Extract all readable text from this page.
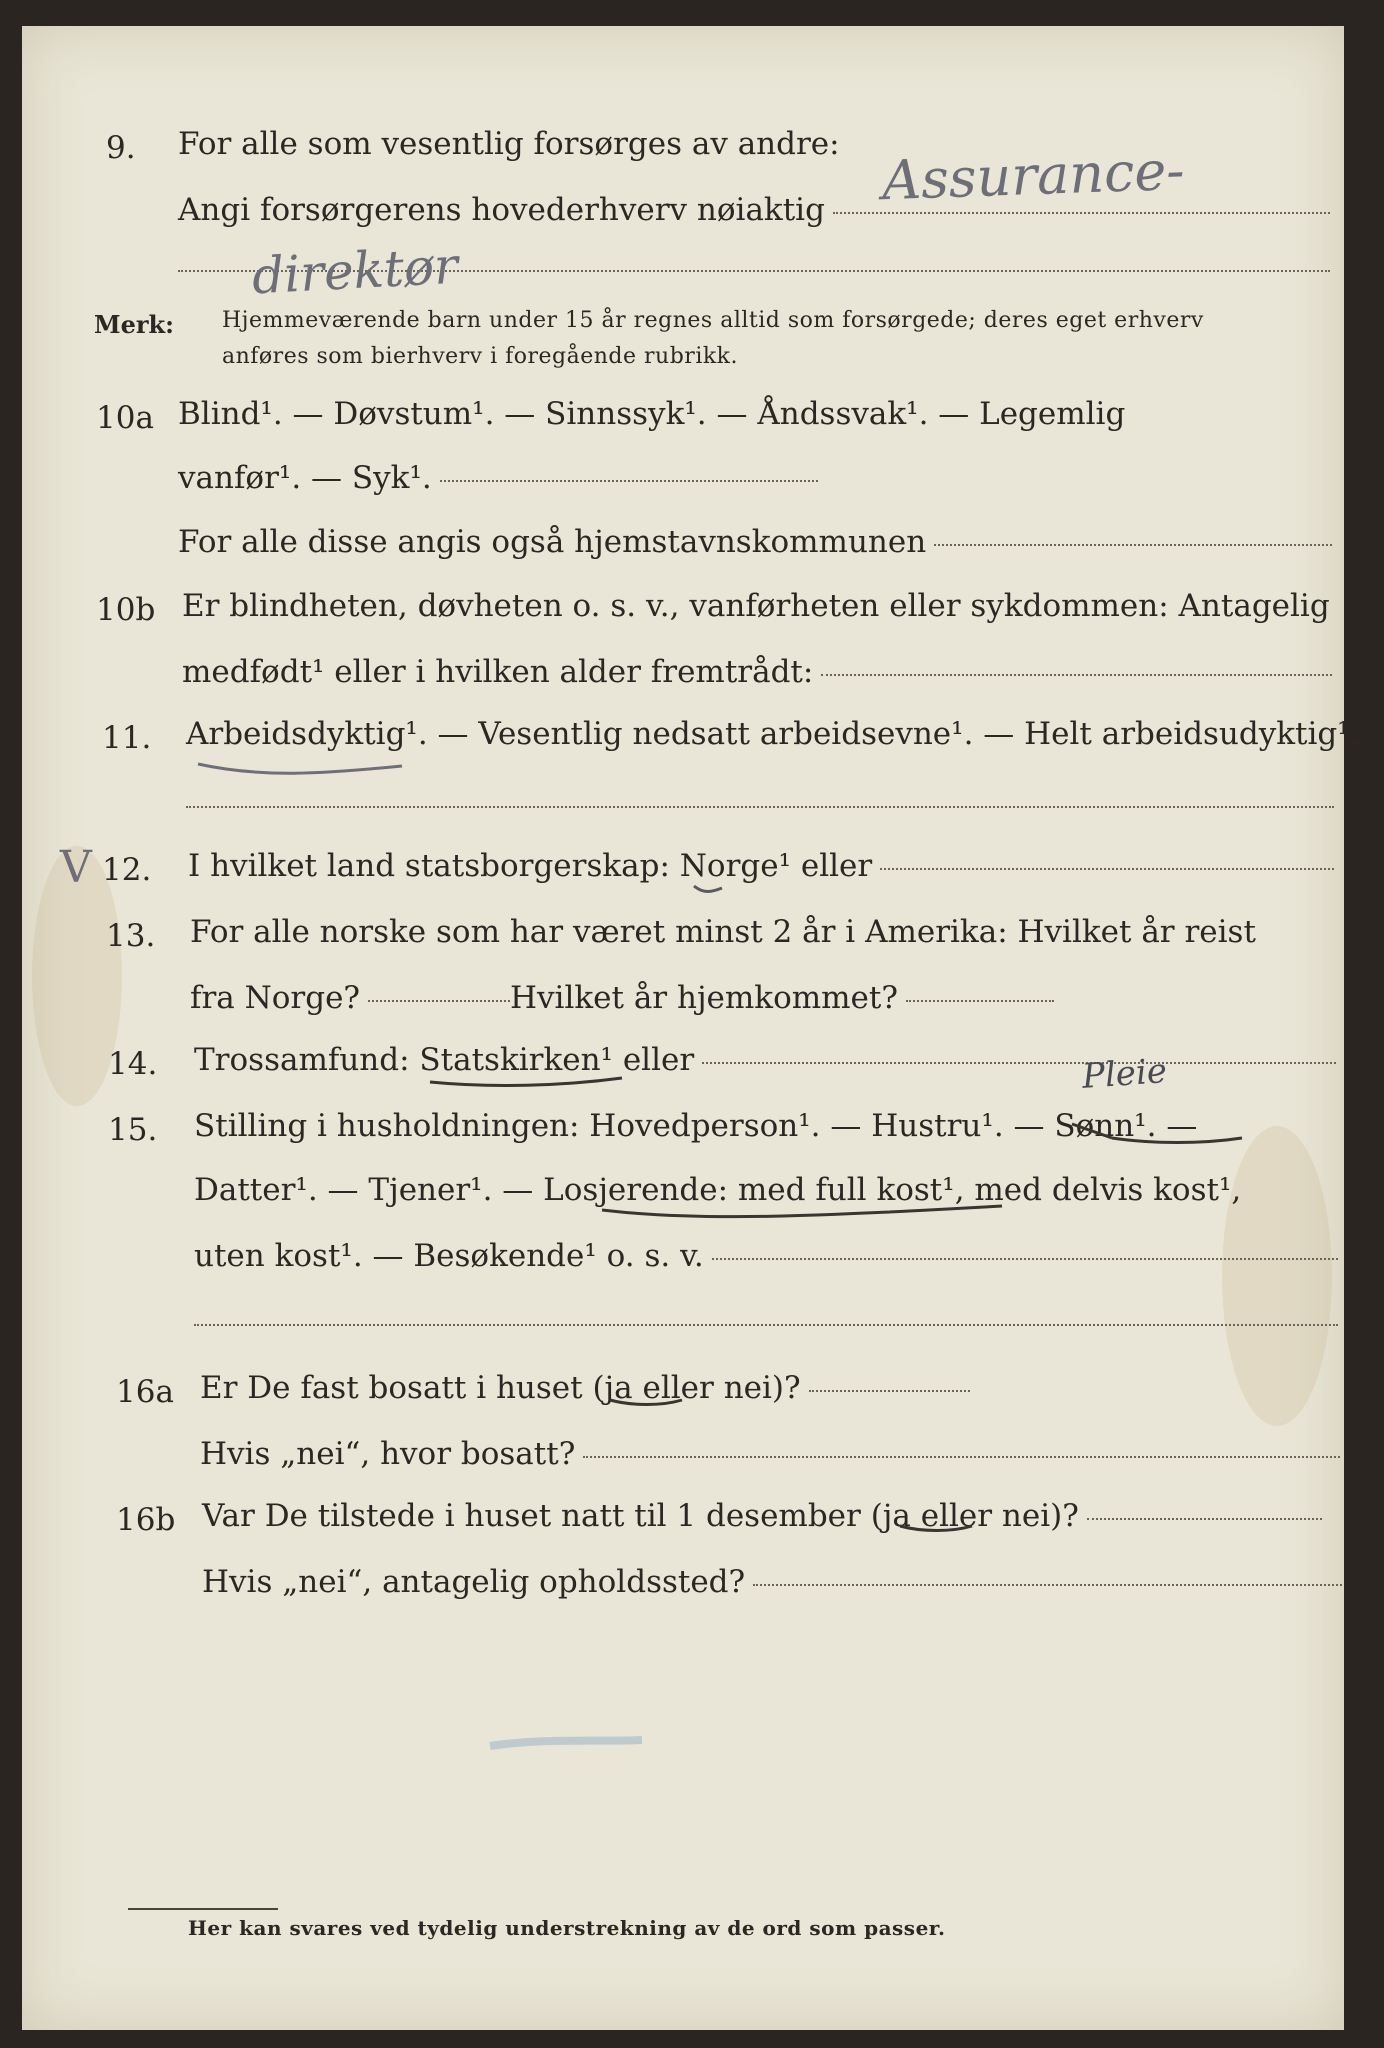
9. For alle som vesentlig forsørges av andre:
Angi forsørgerens hovederhverv nøiaktig Assurance-
direktør
Merk: Hjemmeværende barn under 15 år regnes alltid som forsørgede; deres eget erhverv
anføres som bierhverv i foregående rubrikk.
10a Blind¹. — Døvstum¹. — Sinnssyk¹. — Åndssvak¹. — Legemlig
vanfør¹. — Syk¹.
For alle disse angis også hjemstavnskommunen
10b Er blindheten, døvheten o. s. v., vanførheten eller sykdommen: Antagelig
medfødt¹ eller i hvilken alder fremtrådt:
11. Arbeidsdyktig¹. — Vesentlig nedsatt arbeidsevne¹. — Helt arbeidsudyktig¹.
V 12. I hvilket land statsborgerskap: Norge¹ eller
13. For alle norske som har været minst 2 år i Amerika: Hvilket år reist
fra Norge?	Hvilket år hjemkommet?
14. Trossamfund: Statskirken¹ eller
15. Stilling i husholdningen: Hovedperson¹. — Hustru¹. — Sønn¹. —
Datter¹. — Tjener¹. — Losjerende: med full kost¹, med delvis kost¹,
uten kost¹. — Besøkende¹ o. s. v.
Pleie
16a Er De fast bosatt i huset (ja eller nei)?
Hvis „nei“, hvor bosatt?
16b Var De tilstede i huset natt til 1 desember (ja eller nei)?
Hvis „nei“, antagelig opholdssted?
Her kan svares ved tydelig understrekning av de ord som passer.
